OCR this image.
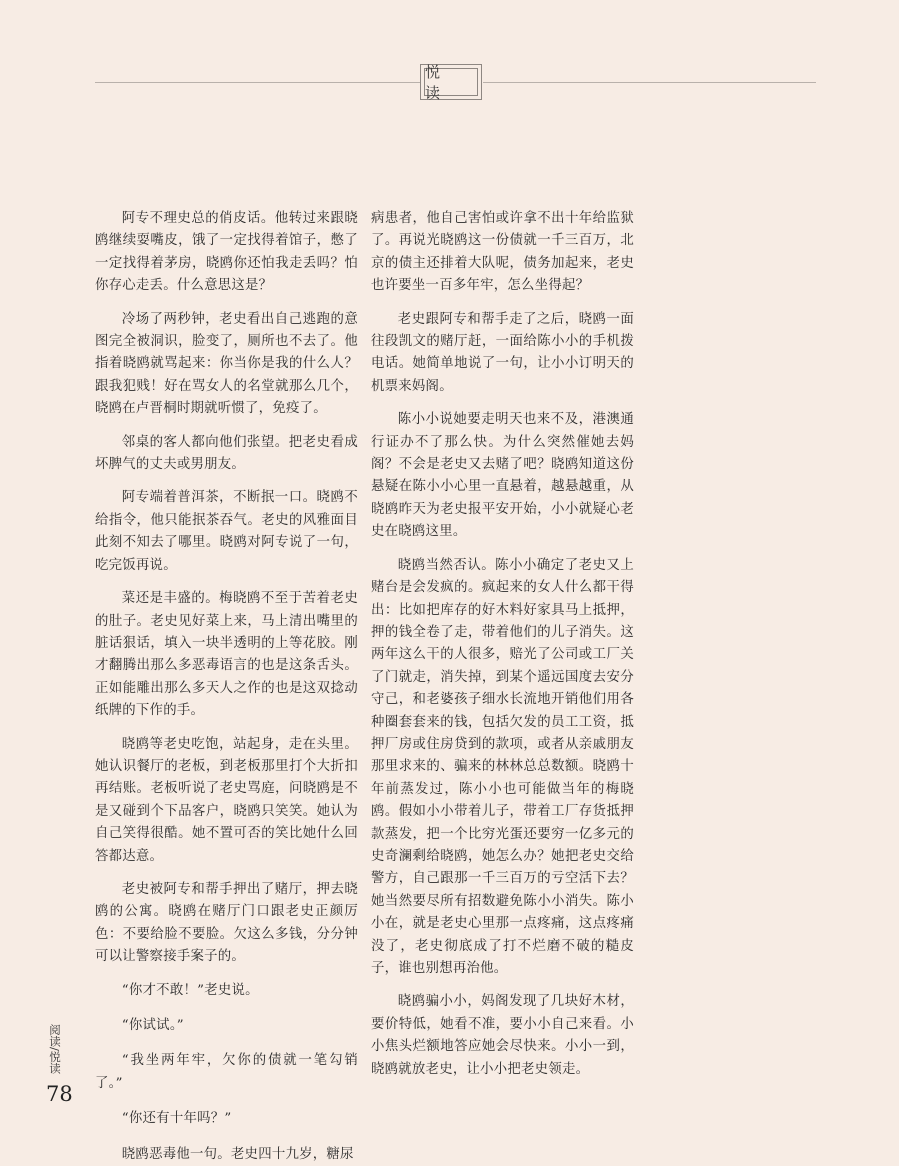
悦 读

阿专不理史总的俏皮话。他转过来跟晓鸥继续耍嘴皮，饿了一定找得着馆子，憋了一定找得着茅房，晓鸥你还怕我走丢吗？怕你存心走丢。什么意思这是？

冷场了两秒钟，老史看出自己逃跑的意图完全被洞识，脸变了，厕所也不去了。他指着晓鸥就骂起来：你当你是我的什么人？跟我犯贱！好在骂女人的名堂就那么几个，晓鸥在卢晋桐时期就听惯了，免疫了。

邻桌的客人都向他们张望。把老史看成坏脾气的丈夫或男朋友。

阿专端着普洱茶，不断抿一口。晓鸥不给指令，他只能抿茶吞气。老史的风雅面目此刻不知去了哪里。晓鸥对阿专说了一句，吃完饭再说。

菜还是丰盛的。梅晓鸥不至于苦着老史的肚子。老史见好菜上来，马上清出嘴里的脏话狠话，填入一块半透明的上等花胶。刚才翻腾出那么多恶毒语言的也是这条舌头。正如能雕出那么多天人之作的也是这双捻动纸牌的下作的手。

晓鸥等老史吃饱，站起身，走在头里。她认识餐厅的老板，到老板那里打个大折扣再结账。老板听说了老史骂庭，问晓鸥是不是又碰到个下品客户，晓鸥只笑笑。她认为自己笑得很酷。她不置可否的笑比她什么回答都达意。

老史被阿专和帮手押出了赌厅，押去晓鸥的公寓。晓鸥在赌厅门口跟老史正颜厉色：不要给脸不要脸。欠这么多钱，分分钟可以让警察接手案子的。

“你才不敢！”老史说。

“你试试。”

“我坐两年牢，欠你的债就一笔勾销了。”

“你还有十年吗？”

晓鸥恶毒他一句。老史四十九岁，糖尿

病患者，他自己害怕或许拿不出十年给监狱了。再说光晓鸥这一份债就一千三百万，北京的债主还排着大队呢，债务加起来，老史也许要坐一百多年牢，怎么坐得起？

老史跟阿专和帮手走了之后，晓鸥一面往段凯文的赌厅赶，一面给陈小小的手机拨电话。她简单地说了一句，让小小订明天的机票来妈阁。

陈小小说她要走明天也来不及，港澳通行证办不了那么快。为什么突然催她去妈阁？不会是老史又去赌了吧？晓鸥知道这份悬疑在陈小小心里一直悬着，越悬越重，从晓鸥昨天为老史报平安开始，小小就疑心老史在晓鸥这里。

晓鸥当然否认。陈小小确定了老史又上赌台是会发疯的。疯起来的女人什么都干得出：比如把库存的好木料好家具马上抵押，押的钱全卷了走，带着他们的儿子消失。这两年这么干的人很多，赔光了公司或工厂关了门就走，消失掉，到某个遥远国度去安分守己，和老婆孩子细水长流地开销他们用各种圈套套来的钱，包括欠发的员工工资，抵押厂房或住房贷到的款项，或者从亲戚朋友那里求来的、骗来的林林总总数额。晓鸥十年前蒸发过，陈小小也可能做当年的梅晓鸥。假如小小带着儿子，带着工厂存货抵押款蒸发，把一个比穷光蛋还要穷一亿多元的史奇澜剩给晓鸥，她怎么办？她把老史交给警方，自己跟那一千三百万的亏空活下去？她当然要尽所有招数避免陈小小消失。陈小小在，就是老史心里那一点疼痛，这点疼痛没了，老史彻底成了打不烂磨不破的糙皮子，谁也别想再治他。

晓鸥骗小小，妈阁发现了几块好木材，要价特低，她看不准，要小小自己来看。小小焦头烂额地答应她会尽快来。小小一到，晓鸥就放老史，让小小把老史领走。

阅读/悦读
78
